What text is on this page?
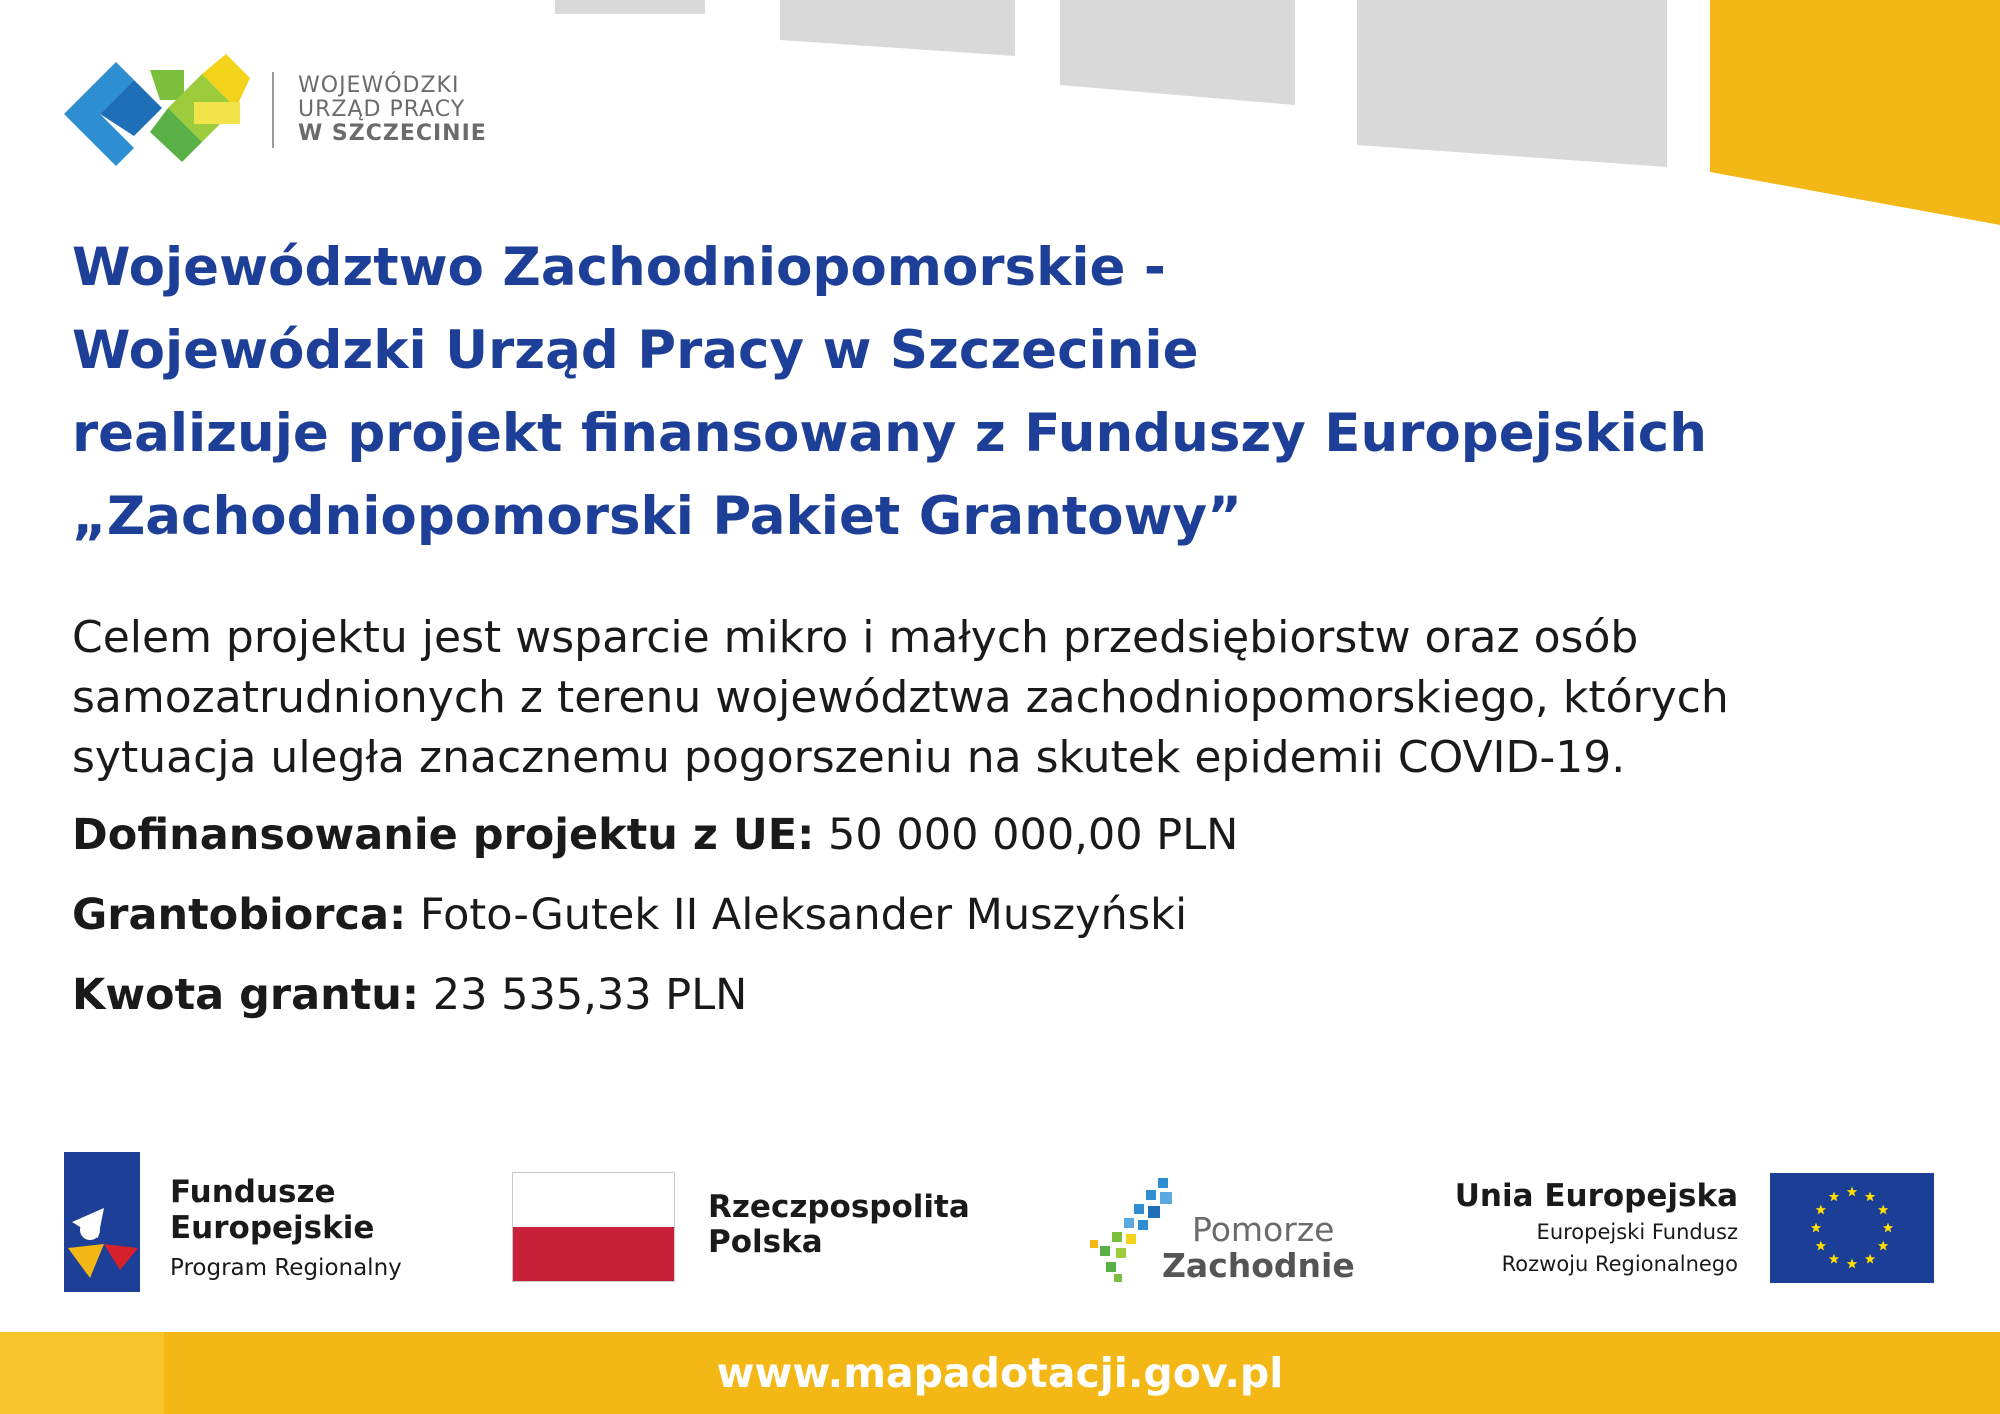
WOJEWÓDZKI
URZĄD PRACY
W SZCZECINIE
Województwo Zachodniopomorskie -
Wojewódzki Urząd Pracy w Szczecinie
realizuje projekt finansowany z Funduszy Europejskich
„Zachodniopomorski Pakiet Grantowy”
Celem projektu jest wsparcie mikro i małych przedsiębiorstw oraz osób
samozatrudnionych z terenu województwa zachodniopomorskiego, których
sytuacja uległa znacznemu pogorszeniu na skutek epidemii COVID-19.
Dofinansowanie projektu z UE: 50 000 000,00 PLN
Grantobiorca: Foto-Gutek II Aleksander Muszyński
Kwota grantu: 23 535,33 PLN
Fundusze
Europejskie
Program Regionalny
Rzeczpospolita
Polska	Pomorze
Zachodnie
Unia Europejska
Europejski Fundusz
Rozwoju Regionalnego
www.mapadotacji.gov.pl
